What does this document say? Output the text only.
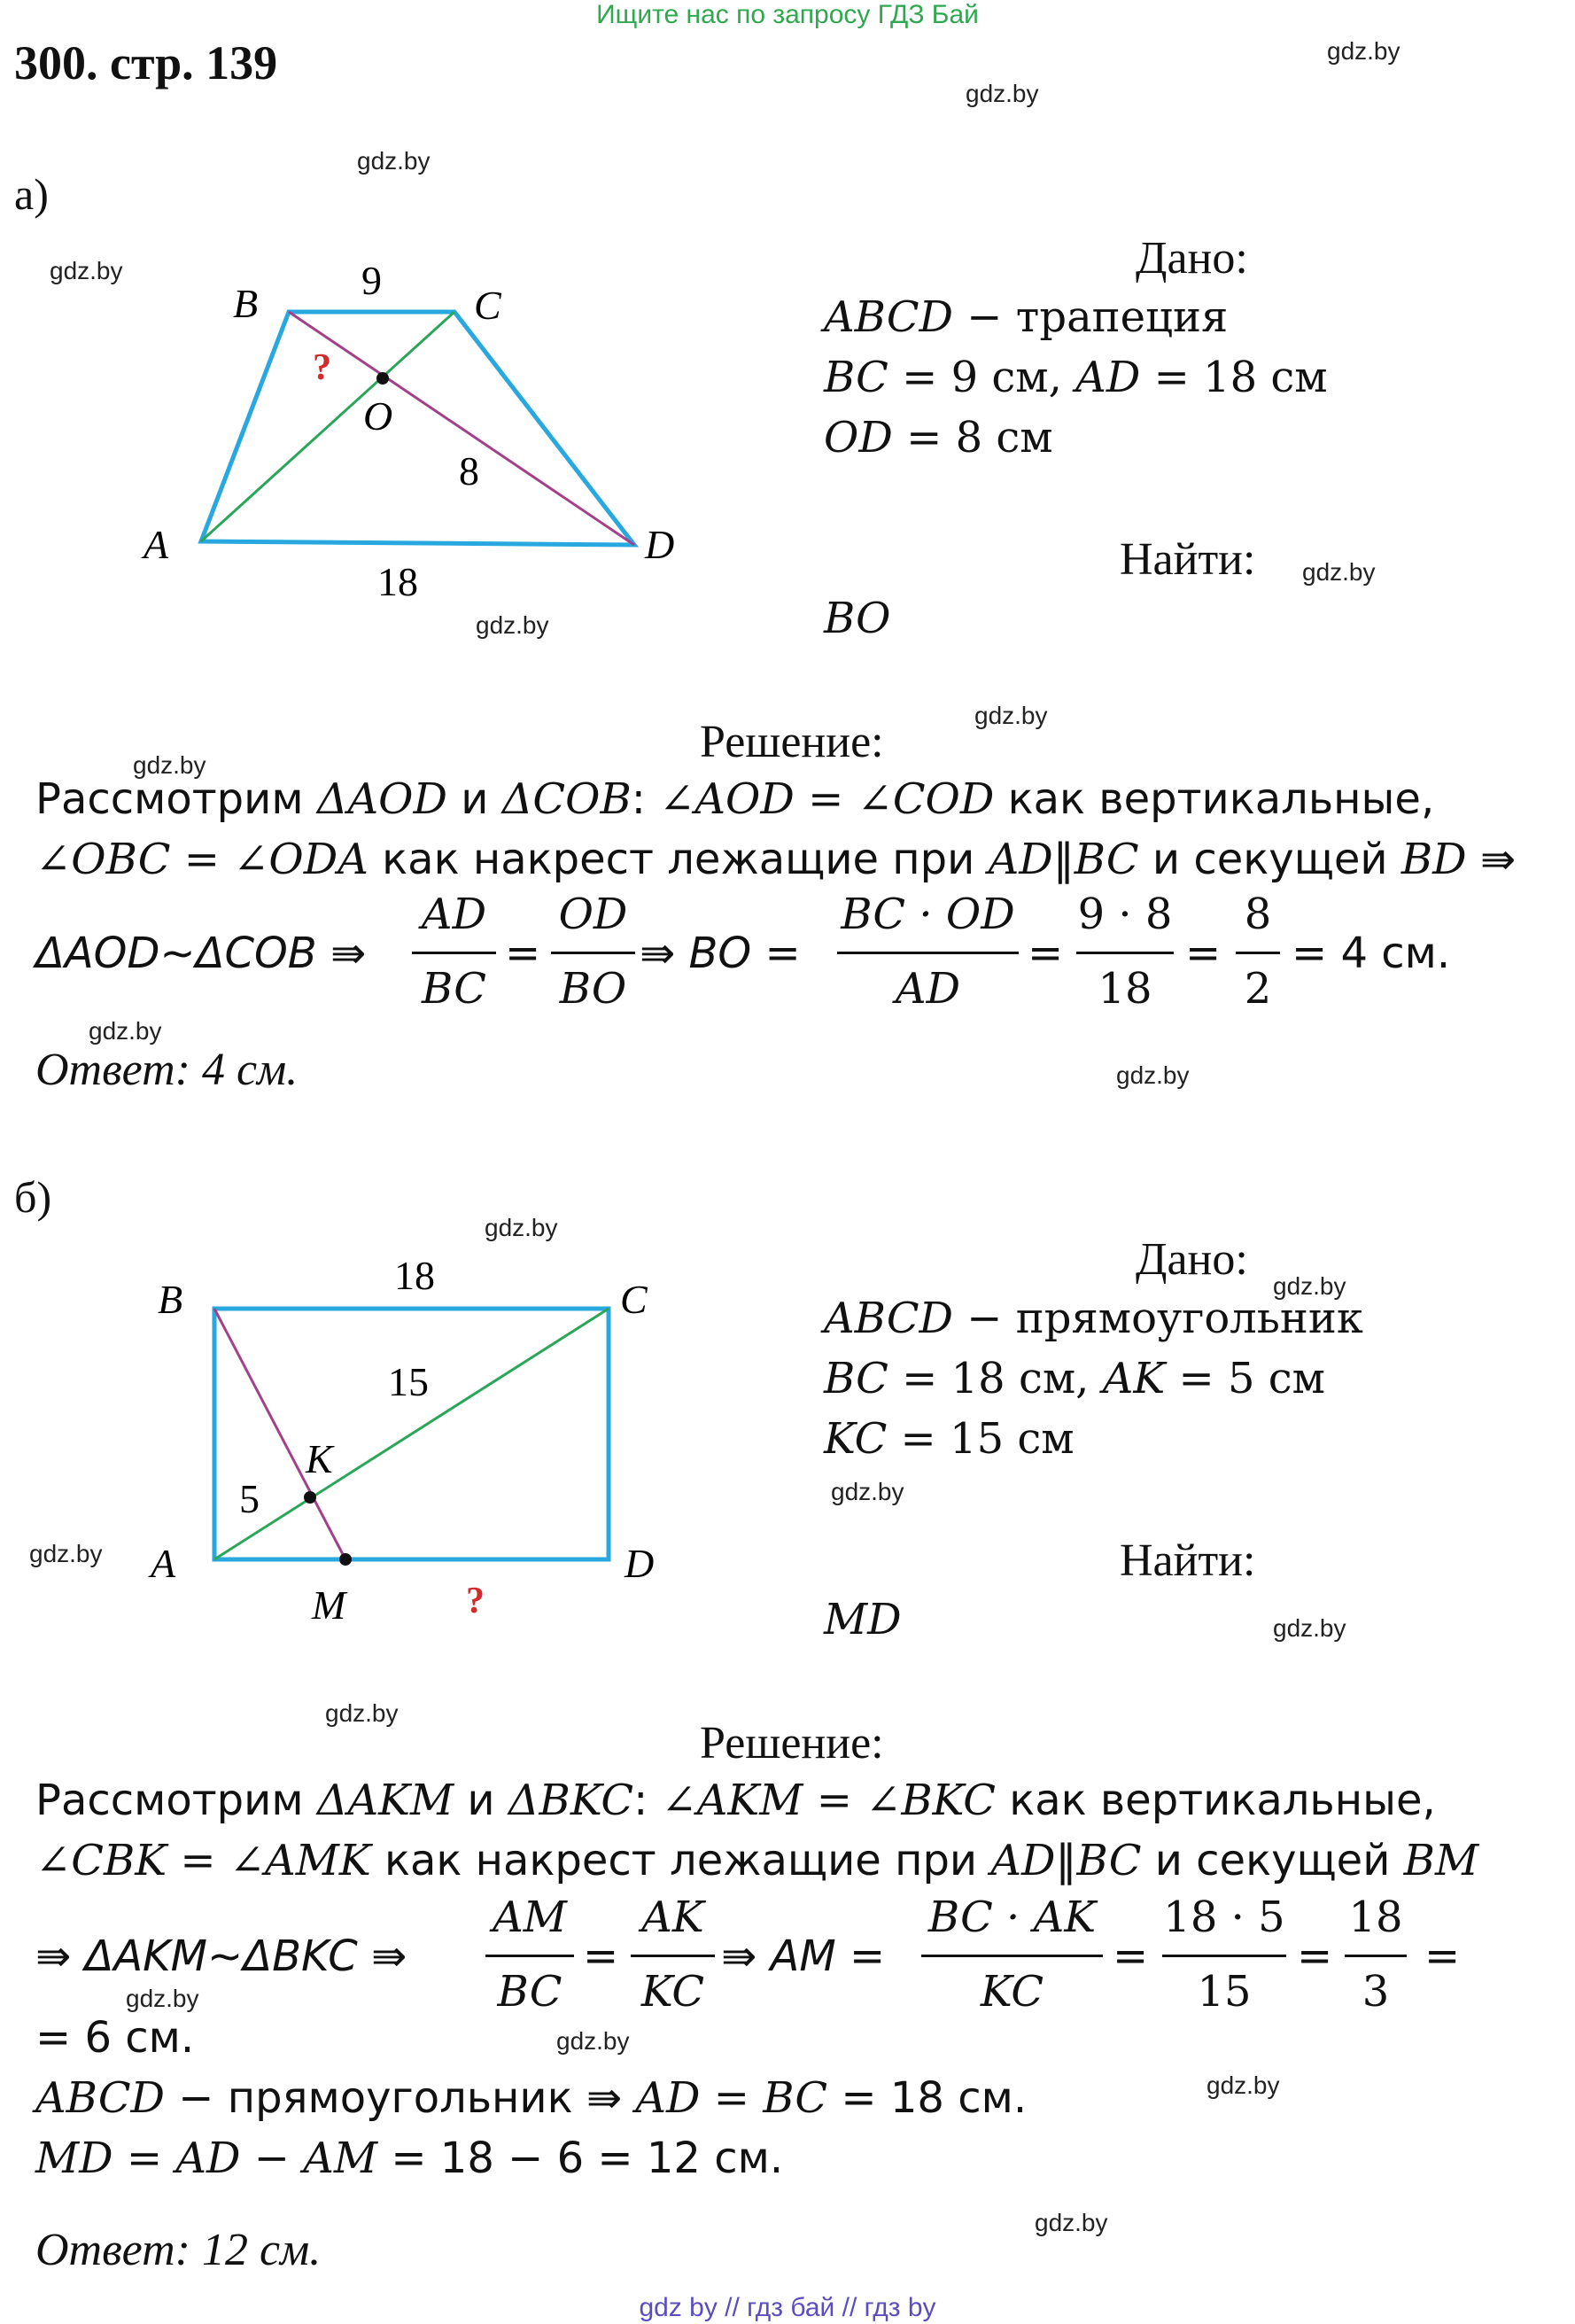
Ищите нас по запросу ГДЗ Бай
300. стр. 139	gdz.by
gdz.by
gdz.by
gdz.by
gdz.by
gdz.by
gdz.by
gdz.by
gdz.by
gdz.by
gdz.by
gdz.by
gdz.by
gdz.by
gdz.by
gdz.by
gdz.by
gdz.by
gdz.by
gdz.by
а)
B	C
A	D
O
9
18
8
?
Дано:
ABCD − трапеция
BC = 9 см, AD = 18 см
OD = 8 см
Найти:
BO
Решение:
Рассмотрим ΔAOD и ΔCOB: ∠AOD = ∠COD как вертикальные,
∠OBC = ∠ODA как накрест лежащие при AD‖BC и секущей BD ⇛
ΔAOD~ΔCOB ⇛
AD
BC
=
OD
BO
⇛ BO =
BC · OD
AD
=
9 · 8
18
=
8
2
= 4 см.
Ответ: 4 см.
б)
B	C
A	D
K
M
18
15
5
?
Дано:
ABCD − прямоугольник
BC = 18 см, AK = 5 см
KC = 15 см
Найти:
MD
Решение:
Рассмотрим ΔAKM и ΔBKC: ∠AKM = ∠BKC как вертикальные,
∠CBK = ∠AMK как накрест лежащие при AD‖BC и секущей BM
⇛ ΔAKM~ΔBKC ⇛
AM
BC
=
AK
KC
⇛ AM =
BC · AK
KC
=
18 · 5
15
=
18
3
=
= 6 см.
ABCD − прямоугольник ⇛ AD = BC = 18 см.
MD = AD − AM = 18 − 6 = 12 см.
Ответ: 12 см.
gdz by // гдз бай // гдз by
